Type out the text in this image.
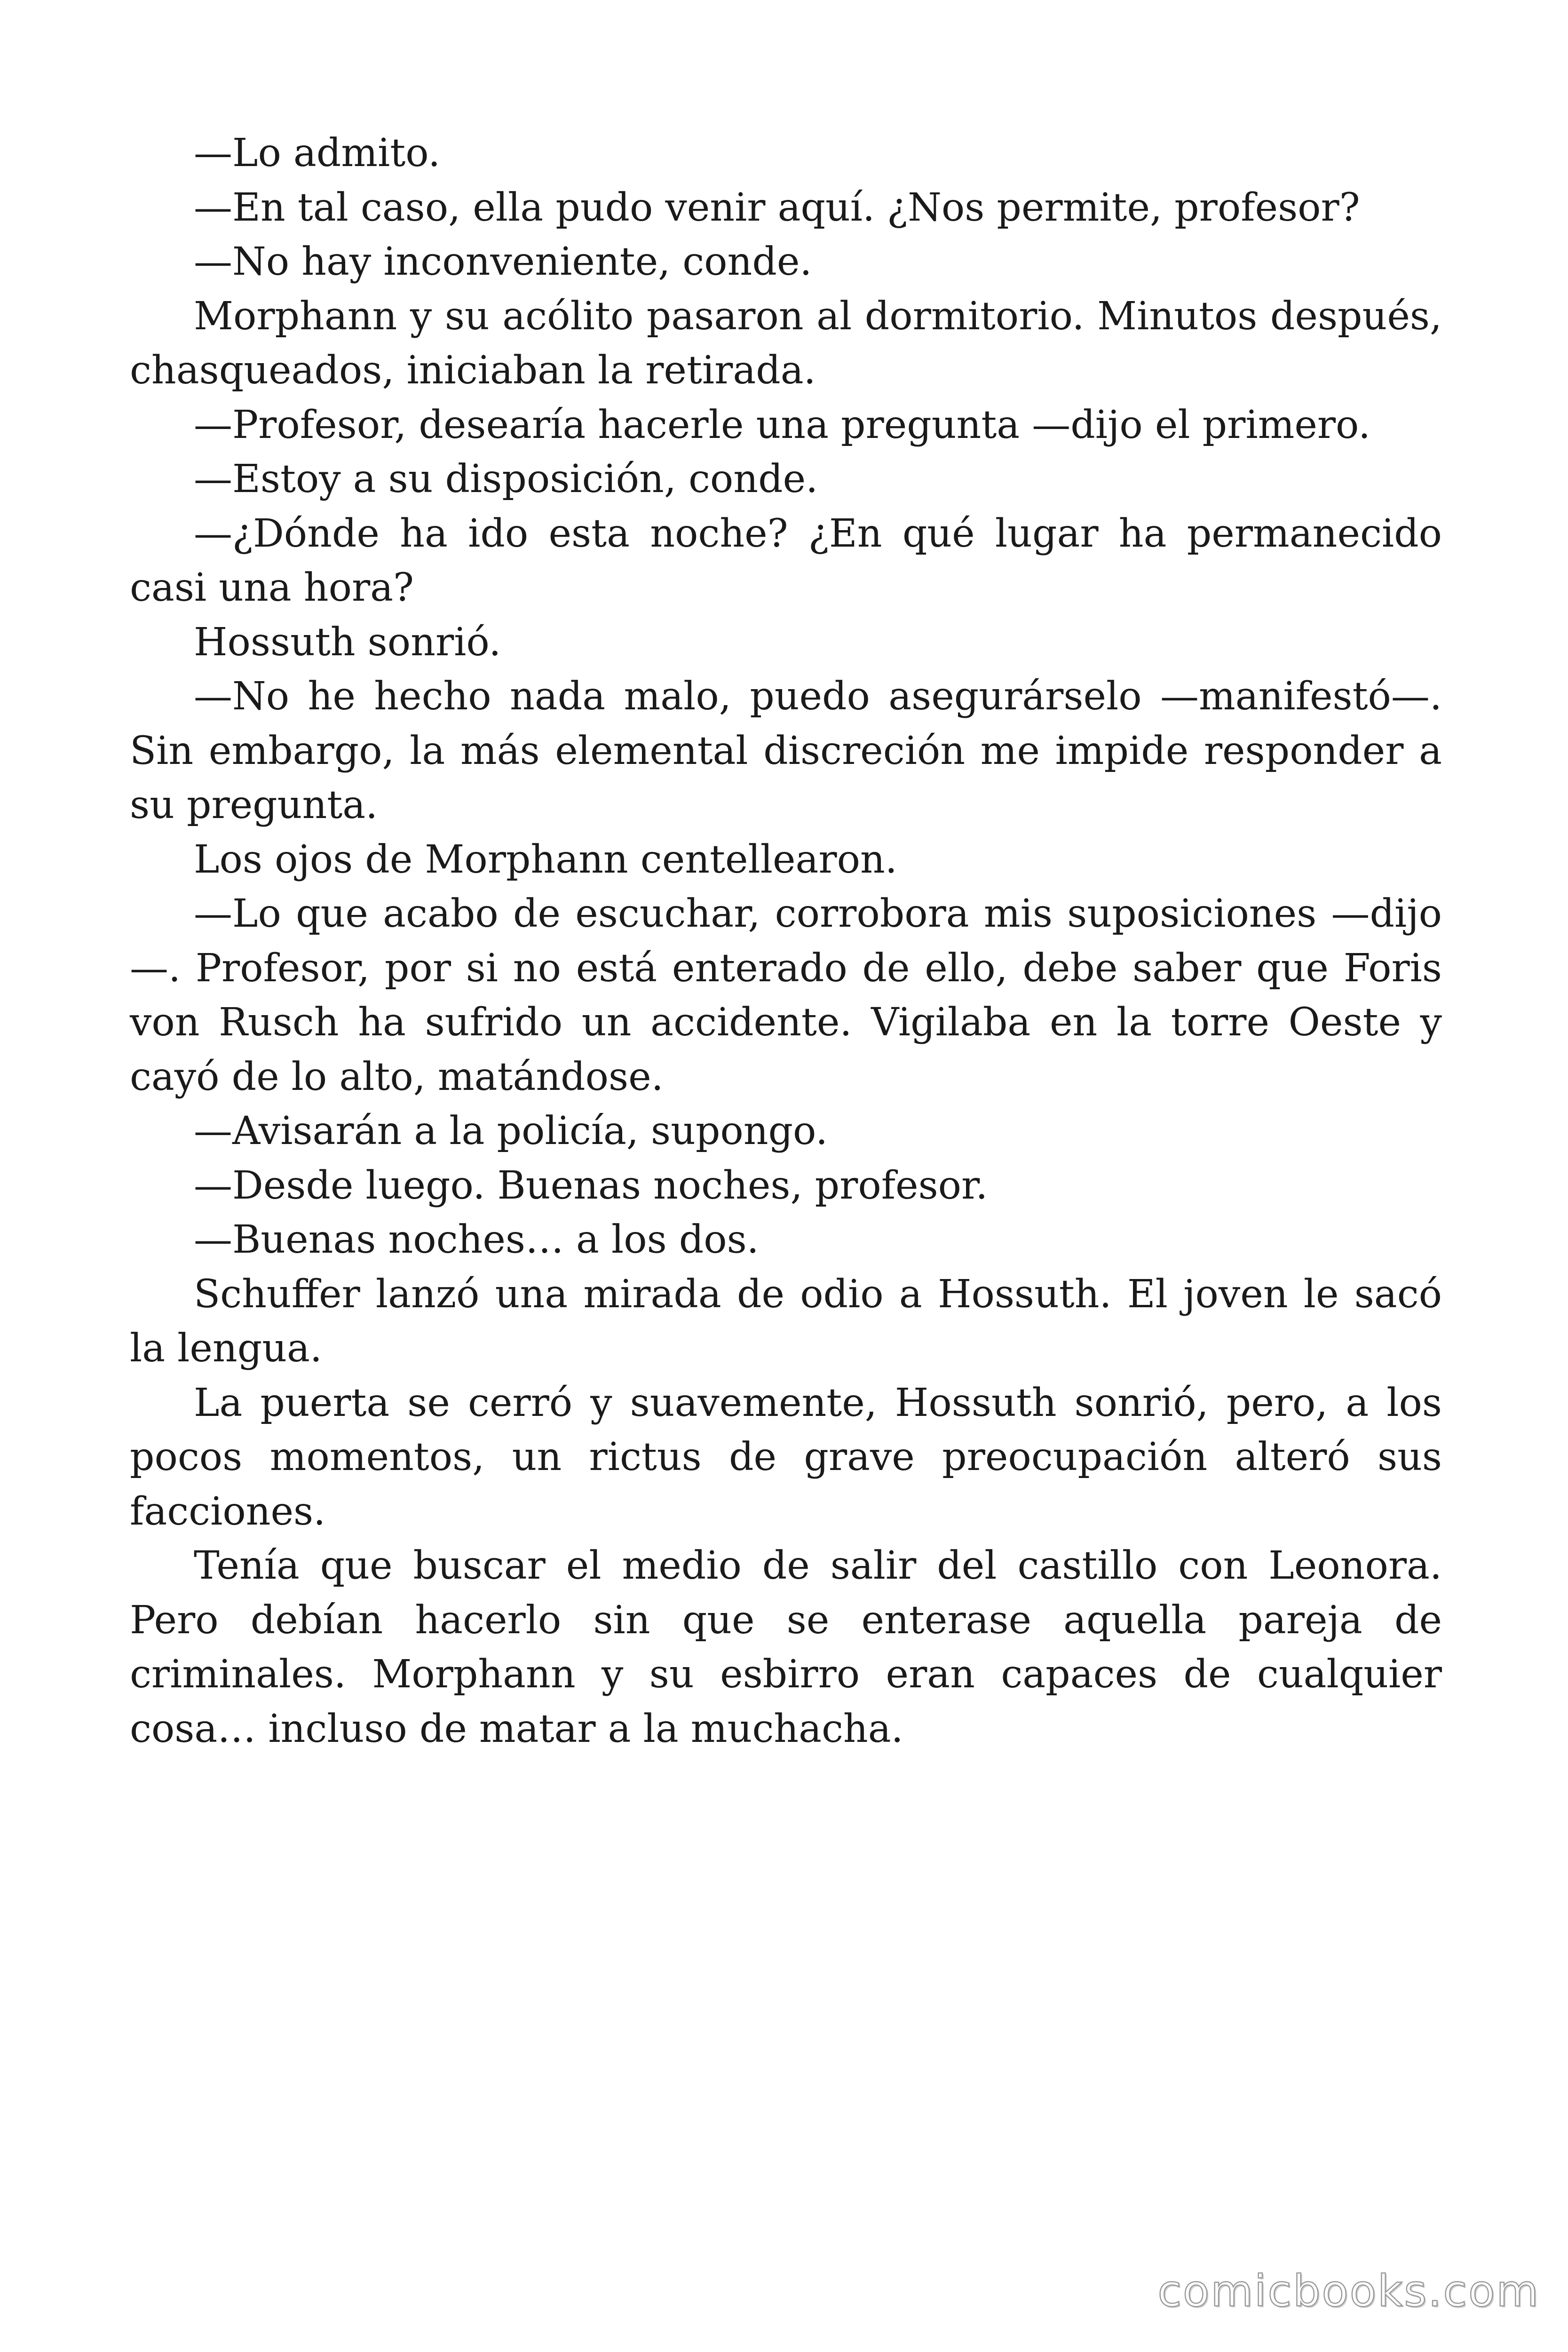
—Lo admito.

—En tal caso, ella pudo venir aquí. ¿Nos permite, profesor?

—No hay inconveniente, conde.

Morphann y su acólito pasaron al dormitorio. Minutos después, chasqueados, iniciaban la retirada.

—Profesor, desearía hacerle una pregunta —dijo el primero.

—Estoy a su disposición, conde.

—¿Dónde ha ido esta noche? ¿En qué lugar ha permanecido casi una hora?

Hossuth sonrió.

—No he hecho nada malo, puedo asegurárselo —manifestó—. Sin embargo, la más elemental discreción me impide responder a su pregunta.

Los ojos de Morphann centellearon.

—Lo que acabo de escuchar, corrobora mis suposiciones —dijo —. Profesor, por si no está enterado de ello, debe saber que Foris von Rusch ha sufrido un accidente. Vigilaba en la torre Oeste y cayó de lo alto, matándose.

—Avisarán a la policía, supongo.

—Desde luego. Buenas noches, profesor.

—Buenas noches… a los dos.

Schuffer lanzó una mirada de odio a Hossuth. El joven le sacó la lengua.

La puerta se cerró y suavemente, Hossuth sonrió, pero, a los pocos momentos, un rictus de grave preocupación alteró sus facciones.

Tenía que buscar el medio de salir del castillo con Leonora. Pero debían hacerlo sin que se enterase aquella pareja de criminales. Morphann y su esbirro eran capaces de cualquier cosa… incluso de matar a la muchacha.

comicbooks.com
